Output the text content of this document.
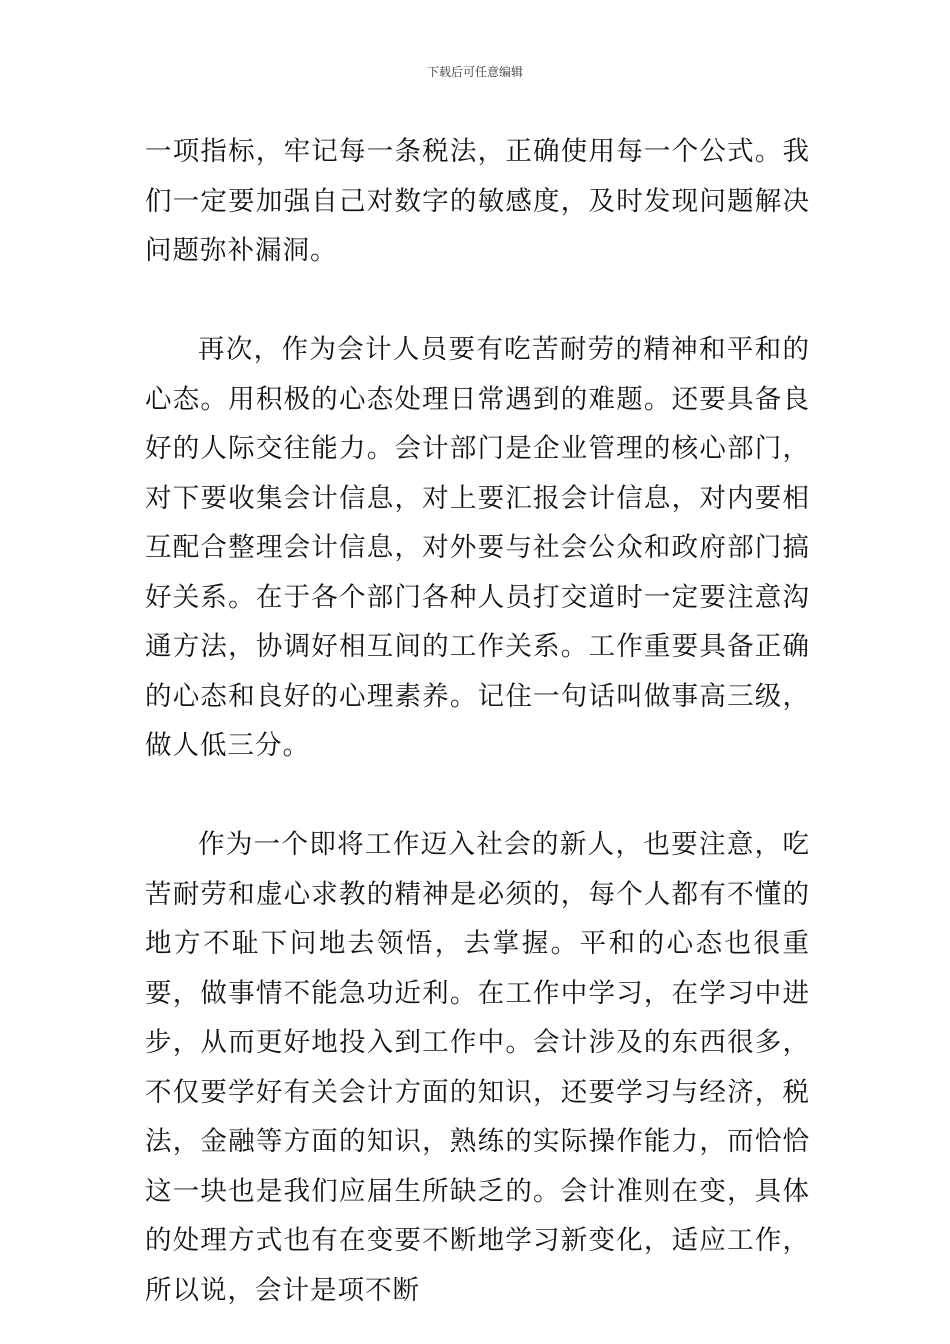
下载后可任意编辑

一项指标，牢记每一条税法，正确使用每一个公式。我们一定要加强自己对数字的敏感度，及时发现问题解决问题弥补漏洞。

再次，作为会计人员要有吃苦耐劳的精神和平和的心态。用积极的心态处理日常遇到的难题。还要具备良好的人际交往能力。会计部门是企业管理的核心部门，对下要收集会计信息，对上要汇报会计信息，对内要相互配合整理会计信息，对外要与社会公众和政府部门搞好关系。在于各个部门各种人员打交道时一定要注意沟通方法，协调好相互间的工作关系。工作重要具备正确的心态和良好的心理素养。记住一句话叫做事高三级，做人低三分。

作为一个即将工作迈入社会的新人，也要注意，吃苦耐劳和虚心求教的精神是必须的，每个人都有不懂的地方不耻下问地去领悟，去掌握。平和的心态也很重要，做事情不能急功近利。在工作中学习，在学习中进步，从而更好地投入到工作中。会计涉及的东西很多，不仅要学好有关会计方面的知识，还要学习与经济，税法，金融等方面的知识，熟练的实际操作能力，而恰恰这一块也是我们应届生所缺乏的。会计准则在变，具体的处理方式也有在变要不断地学习新变化，适应工作，所以说，会计是项不断
